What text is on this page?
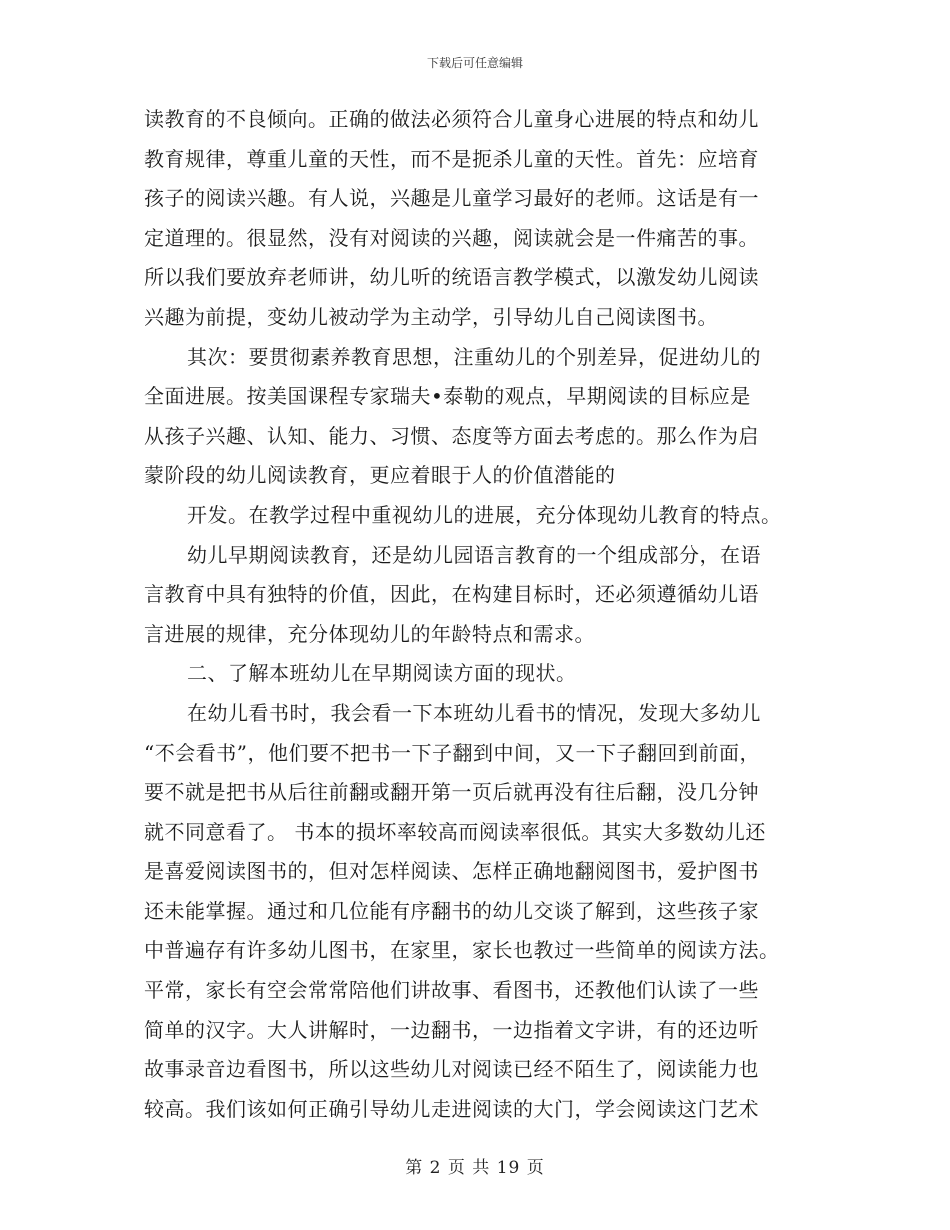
下载后可任意编辑
读教育的不良倾向。正确的做法必须符合儿童身心进展的特点和幼儿
教育规律，尊重儿童的天性，而不是扼杀儿童的天性。首先：应培育
孩子的阅读兴趣。有人说，兴趣是儿童学习最好的老师。这话是有一
定道理的。很显然，没有对阅读的兴趣，阅读就会是一件痛苦的事。
所以我们要放弃老师讲，幼儿听的统语言教学模式，以激发幼儿阅读
兴趣为前提，变幼儿被动学为主动学，引导幼儿自己阅读图书。
其次：要贯彻素养教育思想，注重幼儿的个别差异，促进幼儿的
全面进展。按美国课程专家瑞夫•泰勒的观点，早期阅读的目标应是
从孩子兴趣、认知、能力、习惯、态度等方面去考虑的。那么作为启
蒙阶段的幼儿阅读教育，更应着眼于人的价值潜能的
开发。在教学过程中重视幼儿的进展，充分体现幼儿教育的特点。
幼儿早期阅读教育，还是幼儿园语言教育的一个组成部分，在语
言教育中具有独特的价值，因此，在构建目标时，还必须遵循幼儿语
言进展的规律，充分体现幼儿的年龄特点和需求。
二、了解本班幼儿在早期阅读方面的现状。
在幼儿看书时，我会看一下本班幼儿看书的情况，发现大多幼儿
“不会看书”，他们要不把书一下子翻到中间，又一下子翻回到前面，
要不就是把书从后往前翻或翻开第一页后就再没有往后翻，没几分钟
就不同意看了。 书本的损坏率较高而阅读率很低。其实大多数幼儿还
是喜爱阅读图书的，但对怎样阅读、怎样正确地翻阅图书，爱护图书
还未能掌握。通过和几位能有序翻书的幼儿交谈了解到，这些孩子家
中普遍存有许多幼儿图书，在家里，家长也教过一些简单的阅读方法。
平常，家长有空会常常陪他们讲故事、看图书，还教他们认读了一些
简单的汉字。大人讲解时，一边翻书，一边指着文字讲，有的还边听
故事录音边看图书，所以这些幼儿对阅读已经不陌生了，阅读能力也
较高。我们该如何正确引导幼儿走进阅读的大门，学会阅读这门艺术
第 2 页 共 19 页
